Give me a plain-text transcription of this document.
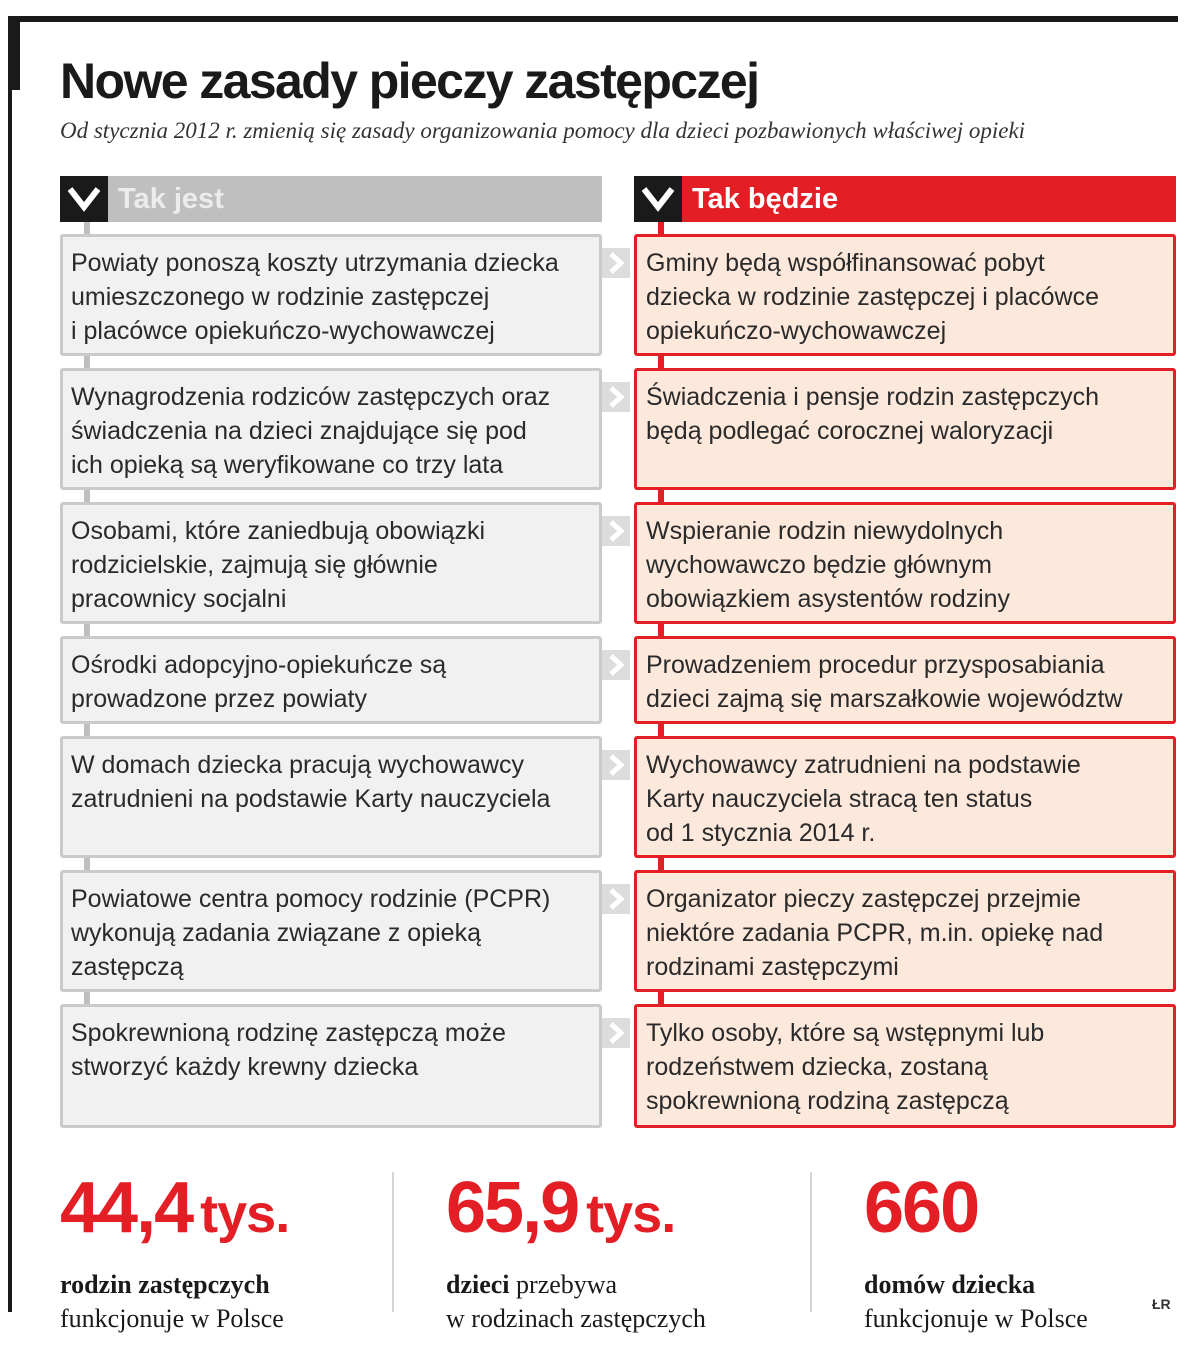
Nowe zasady pieczy zastępczej
Od stycznia 2012 r. zmienią się zasady organizowania pomocy dla dzieci pozbawionych właściwej opieki
Tak jest	Tak będzie
Powiaty ponoszą koszty utrzymania dziecka
umieszczonego w rodzinie zastępczej
i placówce opiekuńczo-wychowawczej
Gminy będą współfinansować pobyt
dziecka w rodzinie zastępczej i placówce
opiekuńczo-wychowawczej
Wynagrodzenia rodziców zastępczych oraz
świadczenia na dzieci znajdujące się pod
ich opieką są weryfikowane co trzy lata
Świadczenia i pensje rodzin zastępczych
będą podlegać corocznej waloryzacji
Osobami, które zaniedbują obowiązki
rodzicielskie, zajmują się głównie
pracownicy socjalni
Wspieranie rodzin niewydolnych
wychowawczo będzie głównym
obowiązkiem asystentów rodziny
Ośrodki adopcyjno-opiekuńcze są
prowadzone przez powiaty
Prowadzeniem procedur przysposabiania
dzieci zajmą się marszałkowie województw
W domach dziecka pracują wychowawcy
zatrudnieni na podstawie Karty nauczyciela
Wychowawcy zatrudnieni na podstawie
Karty nauczyciela stracą ten status
od 1 stycznia 2014 r.
Powiatowe centra pomocy rodzinie (PCPR)
wykonują zadania związane z opieką
zastępczą
Organizator pieczy zastępczej przejmie
niektóre zadania PCPR, m.in. opiekę nad
rodzinami zastępczymi
Spokrewnioną rodzinę zastępczą może
stworzyć każdy krewny dziecka
Tylko osoby, które są wstępnymi lub
rodzeństwem dziecka, zostaną
spokrewnioną rodziną zastępczą
44,4 tys.
rodzin zastępczych
funkcjonuje w Polsce
65,9 tys.
dzieci przebywa
w rodzinach zastępczych
660
domów dziecka
funkcjonuje w Polsce	ŁR
